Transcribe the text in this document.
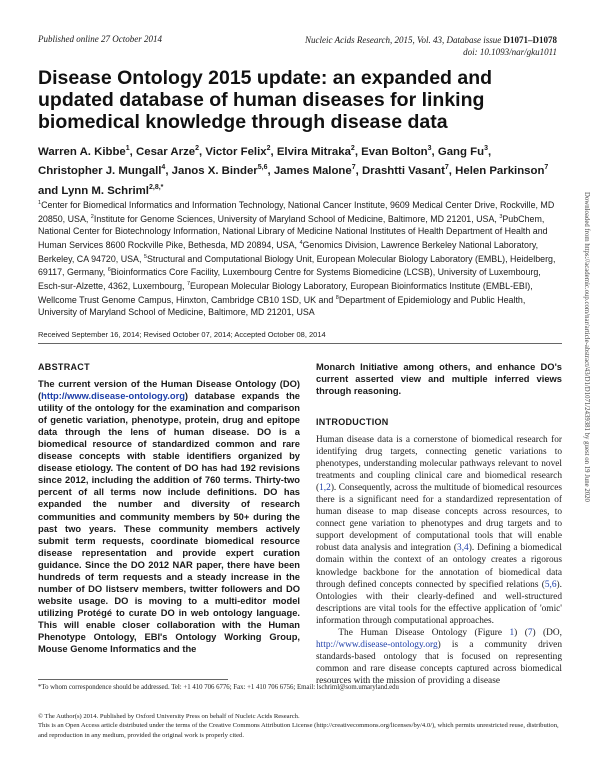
Published online 27 October 2014	Nucleic Acids Research, 2015, Vol. 43, Database issue D1071–D1078
doi: 10.1093/nar/gku1011
Disease Ontology 2015 update: an expanded and updated database of human diseases for linking biomedical knowledge through disease data
Warren A. Kibbe$^1$, Cesar Arze$^2$, Victor Felix$^2$, Elvira Mitraka$^2$, Evan Bolton$^3$, Gang Fu$^3$, Christopher J. Mungall$^4$, Janos X. Binder$^{5,6}$, James Malone$^7$, Drashtti Vasant$^7$, Helen Parkinson$^7$ and Lynn M. Schriml$^{2,8,*}$
$^1$Center for Biomedical Informatics and Information Technology, National Cancer Institute, 9609 Medical Center Drive, Rockville, MD 20850, USA, $^2$Institute for Genome Sciences, University of Maryland School of Medicine, Baltimore, MD 21201, USA, $^3$PubChem, National Center for Biotechnology Information, National Library of Medicine National Institutes of Health Department of Health and Human Services 8600 Rockville Pike, Bethesda, MD 20894, USA, $^4$Genomics Division, Lawrence Berkeley National Laboratory, Berkeley, CA 94720, USA, $^5$Structural and Computational Biology Unit, European Molecular Biology Laboratory (EMBL), Heidelberg, 69117, Germany, $^6$Bioinformatics Core Facility, Luxembourg Centre for Systems Biomedicine (LCSB), University of Luxembourg, Esch-sur-Alzette, 4362, Luxembourg, $^7$European Molecular Biology Laboratory, European Bioinformatics Institute (EMBL-EBI), Wellcome Trust Genome Campus, Hinxton, Cambridge CB10 1SD, UK and $^8$Department of Epidemiology and Public Health, University of Maryland School of Medicine, Baltimore, MD 21201, USA
Received September 16, 2014; Revised October 07, 2014; Accepted October 08, 2014
ABSTRACT
The current version of the Human Disease Ontology (DO) (http://www.disease-ontology.org) database expands the utility of the ontology for the examination and comparison of genetic variation, phenotype, protein, drug and epitope data through the lens of human disease. DO is a biomedical resource of standardized common and rare disease concepts with stable identifiers organized by disease etiology. The content of DO has had 192 revisions since 2012, including the addition of 760 terms. Thirty-two percent of all terms now include definitions. DO has expanded the number and diversity of research communities and community members by 50+ during the past two years. These community members actively submit term requests, coordinate biomedical resource disease representation and provide expert curation guidance. Since the DO 2012 NAR paper, there have been hundreds of term requests and a steady increase in the number of DO listserv members, twitter followers and DO website usage. DO is moving to a multi-editor model utilizing Protégé to curate DO in web ontology language. This will enable closer collaboration with the Human Phenotype Ontology, EBI's Ontology Working Group, Mouse Genome Informatics and the
Monarch Initiative among others, and enhance DO's current asserted view and multiple inferred views through reasoning.
INTRODUCTION
Human disease data is a cornerstone of biomedical research for identifying drug targets, connecting genetic variations to phenotypes, understanding molecular pathways relevant to novel treatments and coupling clinical care and biomedical research (1,2). Consequently, across the multitude of biomedical resources there is a significant need for a standardized representation of human disease to map disease concepts across resources, to connect gene variation to phenotypes and drug targets and to support development of computational tools that will enable robust data analysis and integration (3,4). Defining a biomedical domain within the context of an ontology creates a rigorous knowledge backbone for the annotation of biomedical data through defined concepts connected by specified relations (5,6). Ontologies with their clearly-defined and well-structured descriptions are vital tools for the effective application of 'omic' information through computational approaches.
The Human Disease Ontology (Figure 1) (7) (DO, http://www.disease-ontology.org) is a community driven standards-based ontology that is focused on representing common and rare disease concepts captured across biomedical resources with the mission of providing a disease
*To whom correspondence should be addressed. Tel: +1 410 706 6776; Fax: +1 410 706 6756; Email: lschriml@som.umaryland.edu
© The Author(s) 2014. Published by Oxford University Press on behalf of Nucleic Acids Research.
This is an Open Access article distributed under the terms of the Creative Commons Attribution License (http://creativecommons.org/licenses/by/4.0/), which permits unrestricted reuse, distribution, and reproduction in any medium, provided the original work is properly cited.
Downloaded from https://academic.oup.com/nar/article-abstract/43/D1/D1071/2439381 by guest on 19 June 2020
